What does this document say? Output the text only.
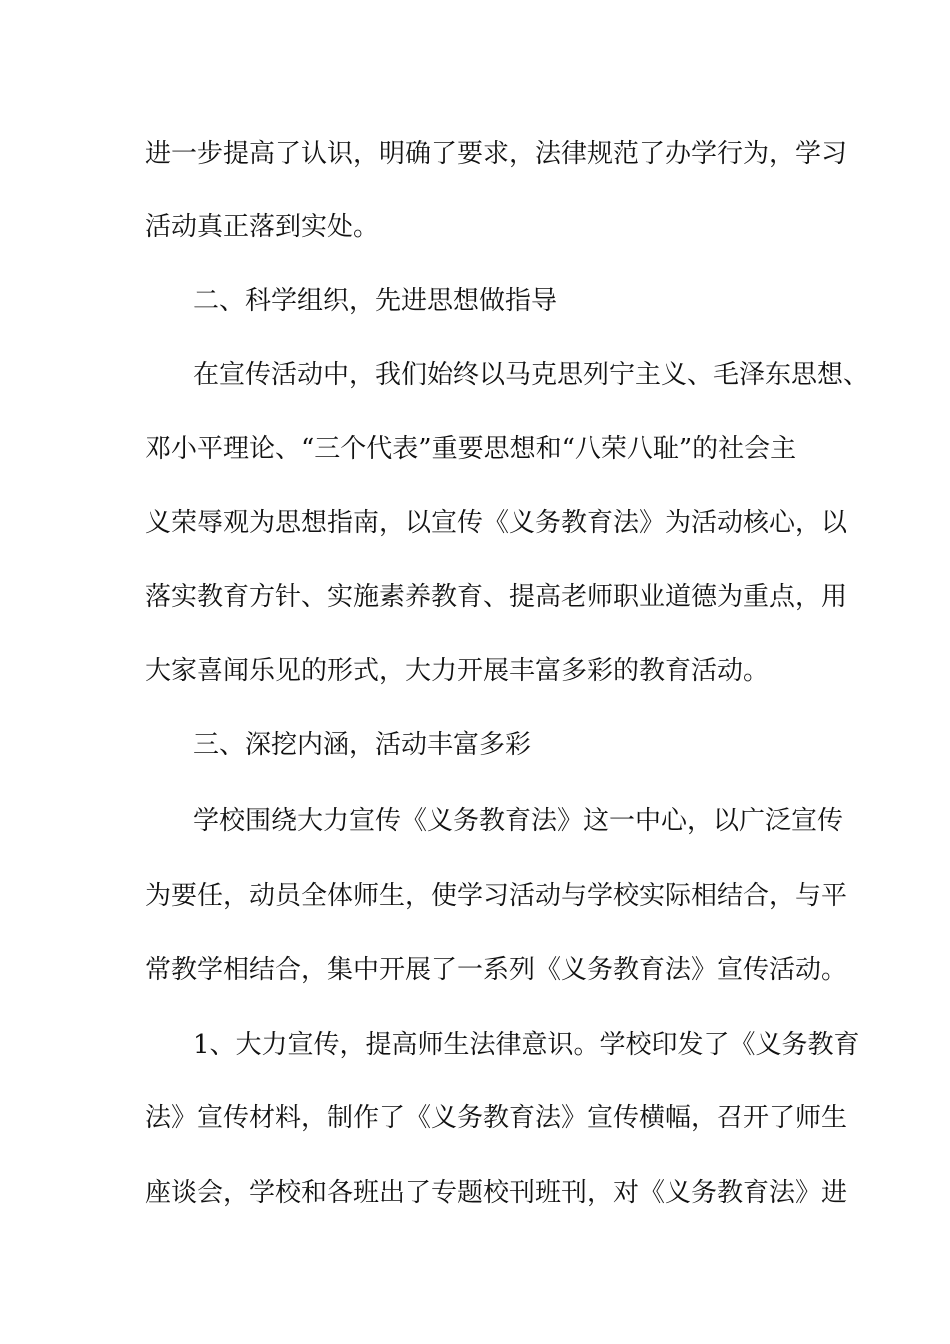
进一步提高了认识，明确了要求，法律规范了办学行为，学习
活动真正落到实处。
二、科学组织，先进思想做指导
在宣传活动中，我们始终以马克思列宁主义、毛泽东思想、
邓小平理论、“三个代表”重要思想和“八荣八耻”的社会主
义荣辱观为思想指南，以宣传《义务教育法》为活动核心，以
落实教育方针、实施素养教育、提高老师职业道德为重点，用
大家喜闻乐见的形式，大力开展丰富多彩的教育活动。
三、深挖内涵，活动丰富多彩
学校围绕大力宣传《义务教育法》这一中心，以广泛宣传
为要任，动员全体师生，使学习活动与学校实际相结合，与平
常教学相结合，集中开展了一系列《义务教育法》宣传活动。
1、大力宣传，提高师生法律意识。学校印发了《义务教育
法》宣传材料，制作了《义务教育法》宣传横幅，召开了师生
座谈会，学校和各班出了专题校刊班刊，对《义务教育法》进
